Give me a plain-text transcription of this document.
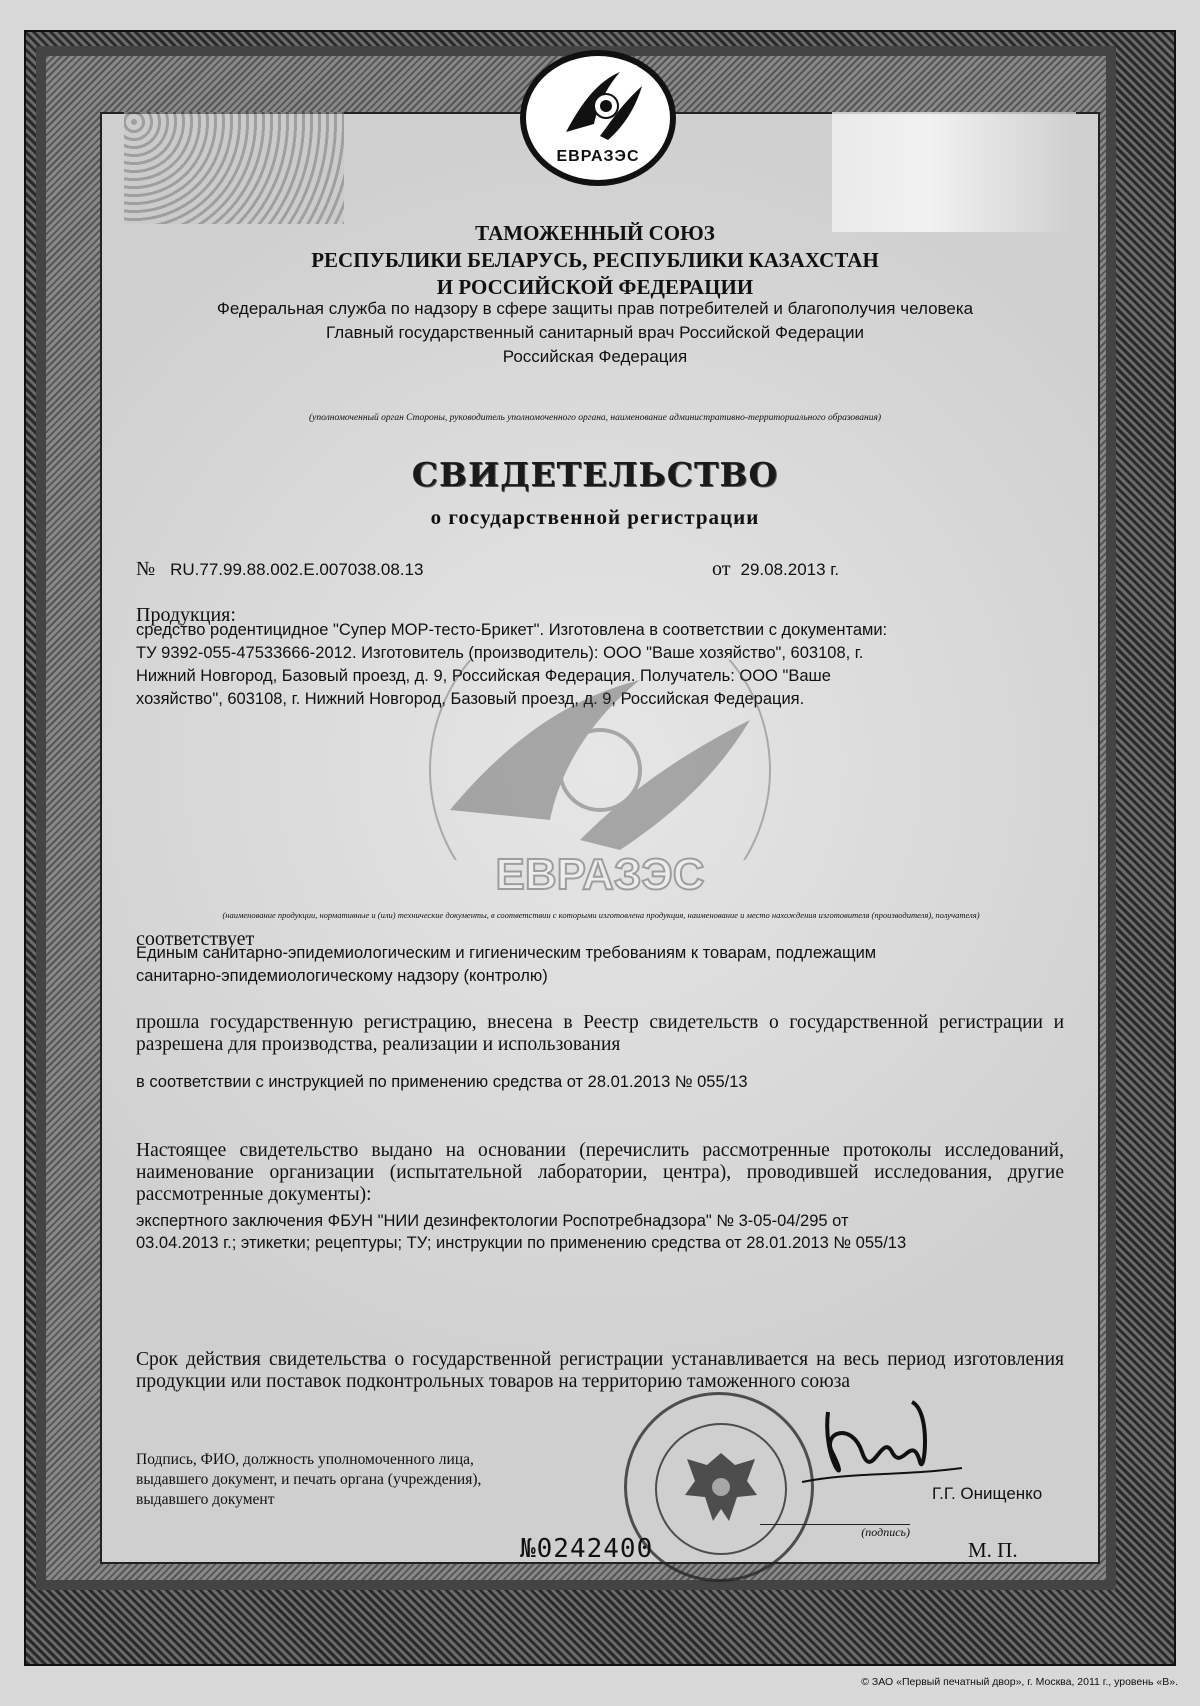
ЕВРАЗЭС
ТАМОЖЕННЫЙ СОЮЗ
РЕСПУБЛИКИ БЕЛАРУСЬ, РЕСПУБЛИКИ КАЗАХСТАН
И РОССИЙСКОЙ ФЕДЕРАЦИИ
Федеральная служба по надзору в сфере защиты прав потребителей и благополучия человека
Главный государственный санитарный врач Российской Федерации
Российская Федерация
(уполномоченный орган Стороны, руководитель уполномоченного органа, наименование административно-территориального образования)
СВИДЕТЕЛЬСТВО
о государственной регистрации
№ RU.77.99.88.002.Е.007038.08.13	от 29.08.2013 г.
Продукция:
средство родентицидное "Супер МОР-тесто-Брикет". Изготовлена в соответствии с документами:
ТУ 9392-055-47533666-2012. Изготовитель (производитель): ООО "Ваше хозяйство", 603108, г.
Нижний Новгород, Базовый проезд, д. 9, Российская Федерация. Получатель: ООО "Ваше
хозяйство", 603108, г. Нижний Новгород, Базовый проезд, д. 9, Российская Федерация.
ЕВРАЗЭС
(наименование продукции, нормативные и (или) технические документы, в соответствии с которыми изготовлена продукция, наименование и место нахождения изготовителя (производителя), получателя)
соответствует
Единым санитарно-эпидемиологическим и гигиеническим требованиям к товарам, подлежащим
санитарно-эпидемиологическому надзору (контролю)
прошла государственную регистрацию, внесена в Реестр свидетельств о государственной регистрации и разрешена для производства, реализации и использования
в соответствии с инструкцией по применению средства от 28.01.2013 № 055/13
Настоящее свидетельство выдано на основании (перечислить рассмотренные протоколы исследований, наименование организации (испытательной лаборатории, центра), проводившей исследования, другие рассмотренные документы):
экспертного заключения ФБУН "НИИ дезинфектологии Роспотребнадзора" № 3-05-04/295 от
03.04.2013 г.; этикетки; рецептуры; ТУ; инструкции по применению средства от 28.01.2013 № 055/13
Срок действия свидетельства о государственной регистрации устанавливается на весь период изготовления продукции или поставок подконтрольных товаров на территорию таможенного союза
Подпись, ФИО, должность уполномоченного лица,
выдавшего документ, и печать органа (учреждения),
выдавшего документ	Г.Г. Онищенко
(подпись)
М. П.
№0242400
© ЗАО «Первый печатный двор», г. Москва, 2011 г., уровень «В».
